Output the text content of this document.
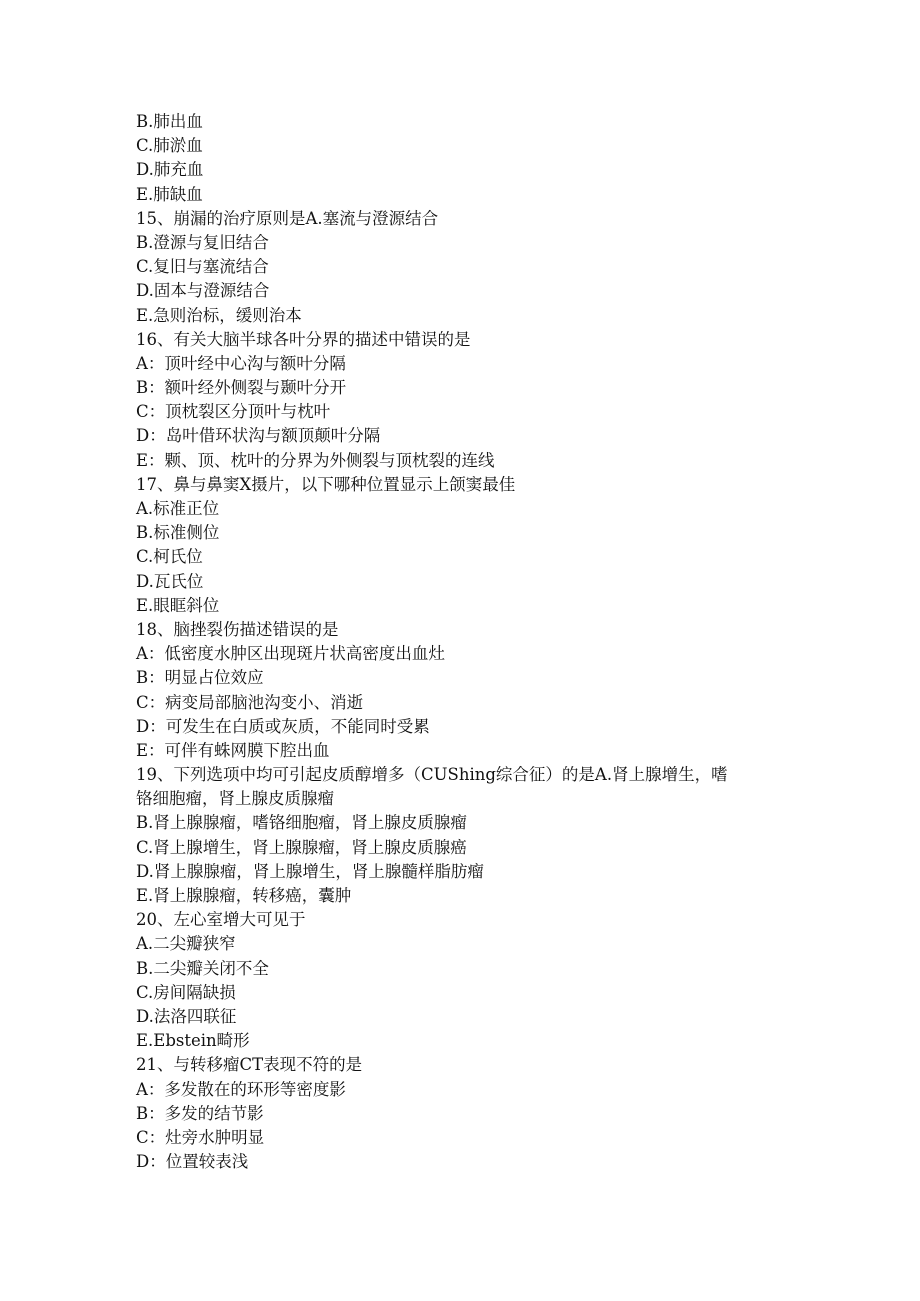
B.肺出血
C.肺淤血
D.肺充血
E.肺缺血
15、崩漏的治疗原则是A.塞流与澄源结合
B.澄源与复旧结合
C.复旧与塞流结合
D.固本与澄源结合
E.急则治标，缓则治本
16、有关大脑半球各叶分界的描述中错误的是
A：顶叶经中心沟与额叶分隔
B：额叶经外侧裂与颞叶分开
C：顶枕裂区分顶叶与枕叶
D：岛叶借环状沟与额顶颠叶分隔
E：颗、顶、枕叶的分界为外侧裂与顶枕裂的连线
17、鼻与鼻窦X摄片，以下哪种位置显示上颌窦最佳
A.标准正位
B.标准侧位
C.柯氏位
D.瓦氏位
E.眼眶斜位
18、脑挫裂伤描述错误的是
A：低密度水肿区出现斑片状高密度出血灶
B：明显占位效应
C：病变局部脑池沟变小、消逝
D：可发生在白质或灰质，不能同时受累
E：可伴有蛛网膜下腔出血
19、下列选项中均可引起皮质醇增多（CUShing综合征）的是A.肾上腺增生，嗜
铬细胞瘤，肾上腺皮质腺瘤
B.肾上腺腺瘤，嗜铬细胞瘤，肾上腺皮质腺瘤
C.肾上腺增生，肾上腺腺瘤，肾上腺皮质腺癌
D.肾上腺腺瘤，肾上腺增生，肾上腺髓样脂肪瘤
E.肾上腺腺瘤，转移癌，囊肿
20、左心室增大可见于
A.二尖瓣狭窄
B.二尖瓣关闭不全
C.房间隔缺损
D.法洛四联征
E.Ebstein畸形
21、与转移瘤CT表现不符的是
A：多发散在的环形等密度影
B：多发的结节影
C：灶旁水肿明显
D：位置较表浅
